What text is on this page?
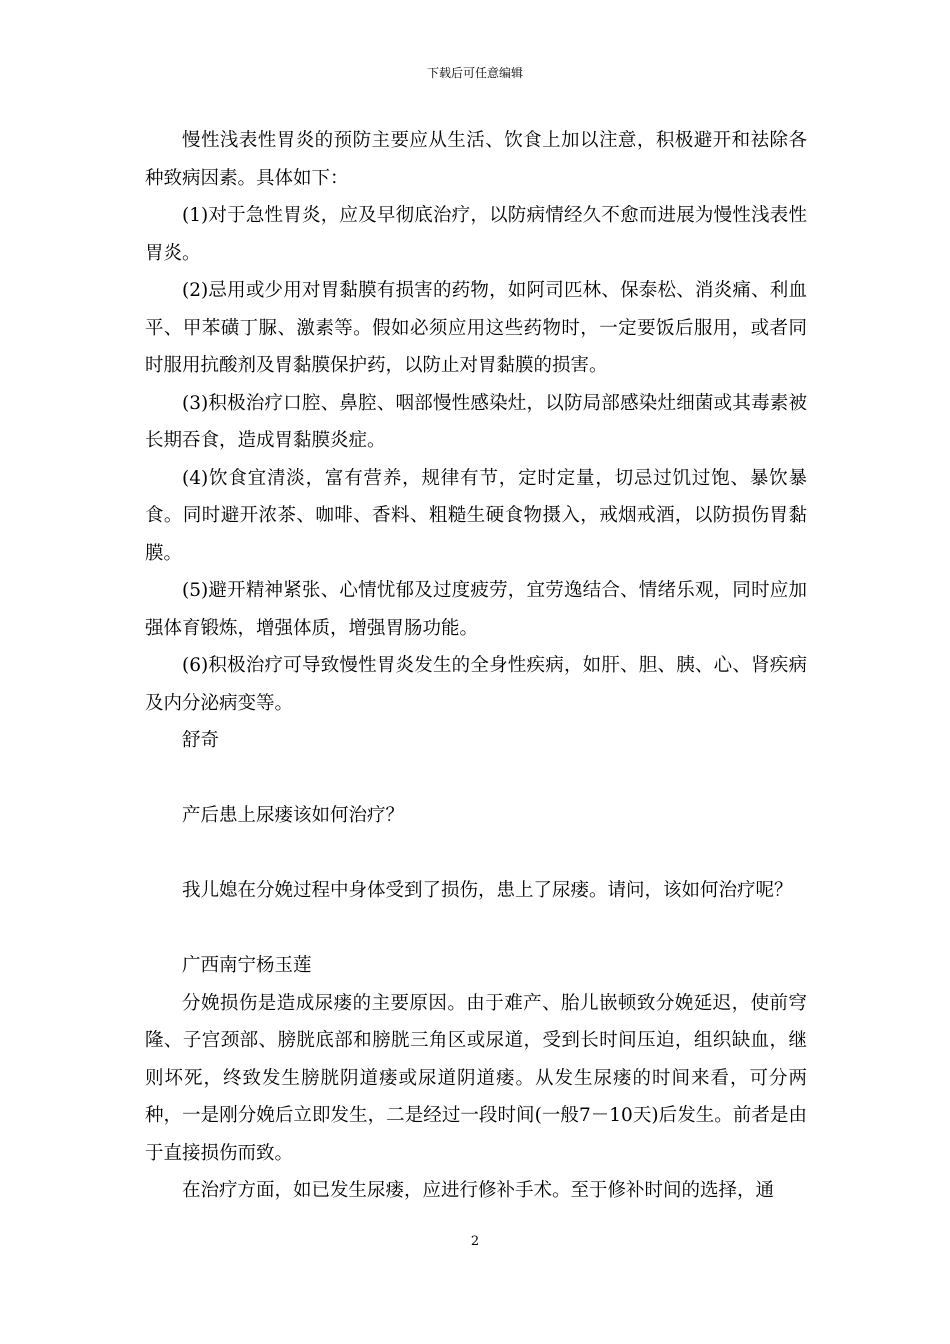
下载后可任意编辑

慢性浅表性胃炎的预防主要应从生活、饮食上加以注意，积极避开和祛除各种致病因素。具体如下：

(1)对于急性胃炎，应及早彻底治疗，以防病情经久不愈而进展为慢性浅表性胃炎。

(2)忌用或少用对胃黏膜有损害的药物，如阿司匹林、保泰松、消炎痛、利血平、甲苯磺丁脲、激素等。假如必须应用这些药物时，一定要饭后服用，或者同时服用抗酸剂及胃黏膜保护药，以防止对胃黏膜的损害。

(3)积极治疗口腔、鼻腔、咽部慢性感染灶，以防局部感染灶细菌或其毒素被长期吞食，造成胃黏膜炎症。

(4)饮食宜清淡，富有营养，规律有节，定时定量，切忌过饥过饱、暴饮暴食。同时避开浓茶、咖啡、香料、粗糙生硬食物摄入，戒烟戒酒，以防损伤胃黏膜。

(5)避开精神紧张、心情忧郁及过度疲劳，宜劳逸结合、情绪乐观，同时应加强体育锻炼，增强体质，增强胃肠功能。

(6)积极治疗可导致慢性胃炎发生的全身性疾病，如肝、胆、胰、心、肾疾病及内分泌病变等。

舒奇

产后患上尿瘘该如何治疗？

我儿媳在分娩过程中身体受到了损伤，患上了尿瘘。请问，该如何治疗呢？

广西南宁杨玉莲

分娩损伤是造成尿瘘的主要原因。由于难产、胎儿嵌顿致分娩延迟，使前穹隆、子宫颈部、膀胱底部和膀胱三角区或尿道，受到长时间压迫，组织缺血，继则坏死，终致发生膀胱阴道瘘或尿道阴道瘘。从发生尿瘘的时间来看，可分两种，一是刚分娩后立即发生，二是经过一段时间(一般7－10天)后发生。前者是由于直接损伤而致。

在治疗方面，如已发生尿瘘，应进行修补手术。至于修补时间的选择，通

2
